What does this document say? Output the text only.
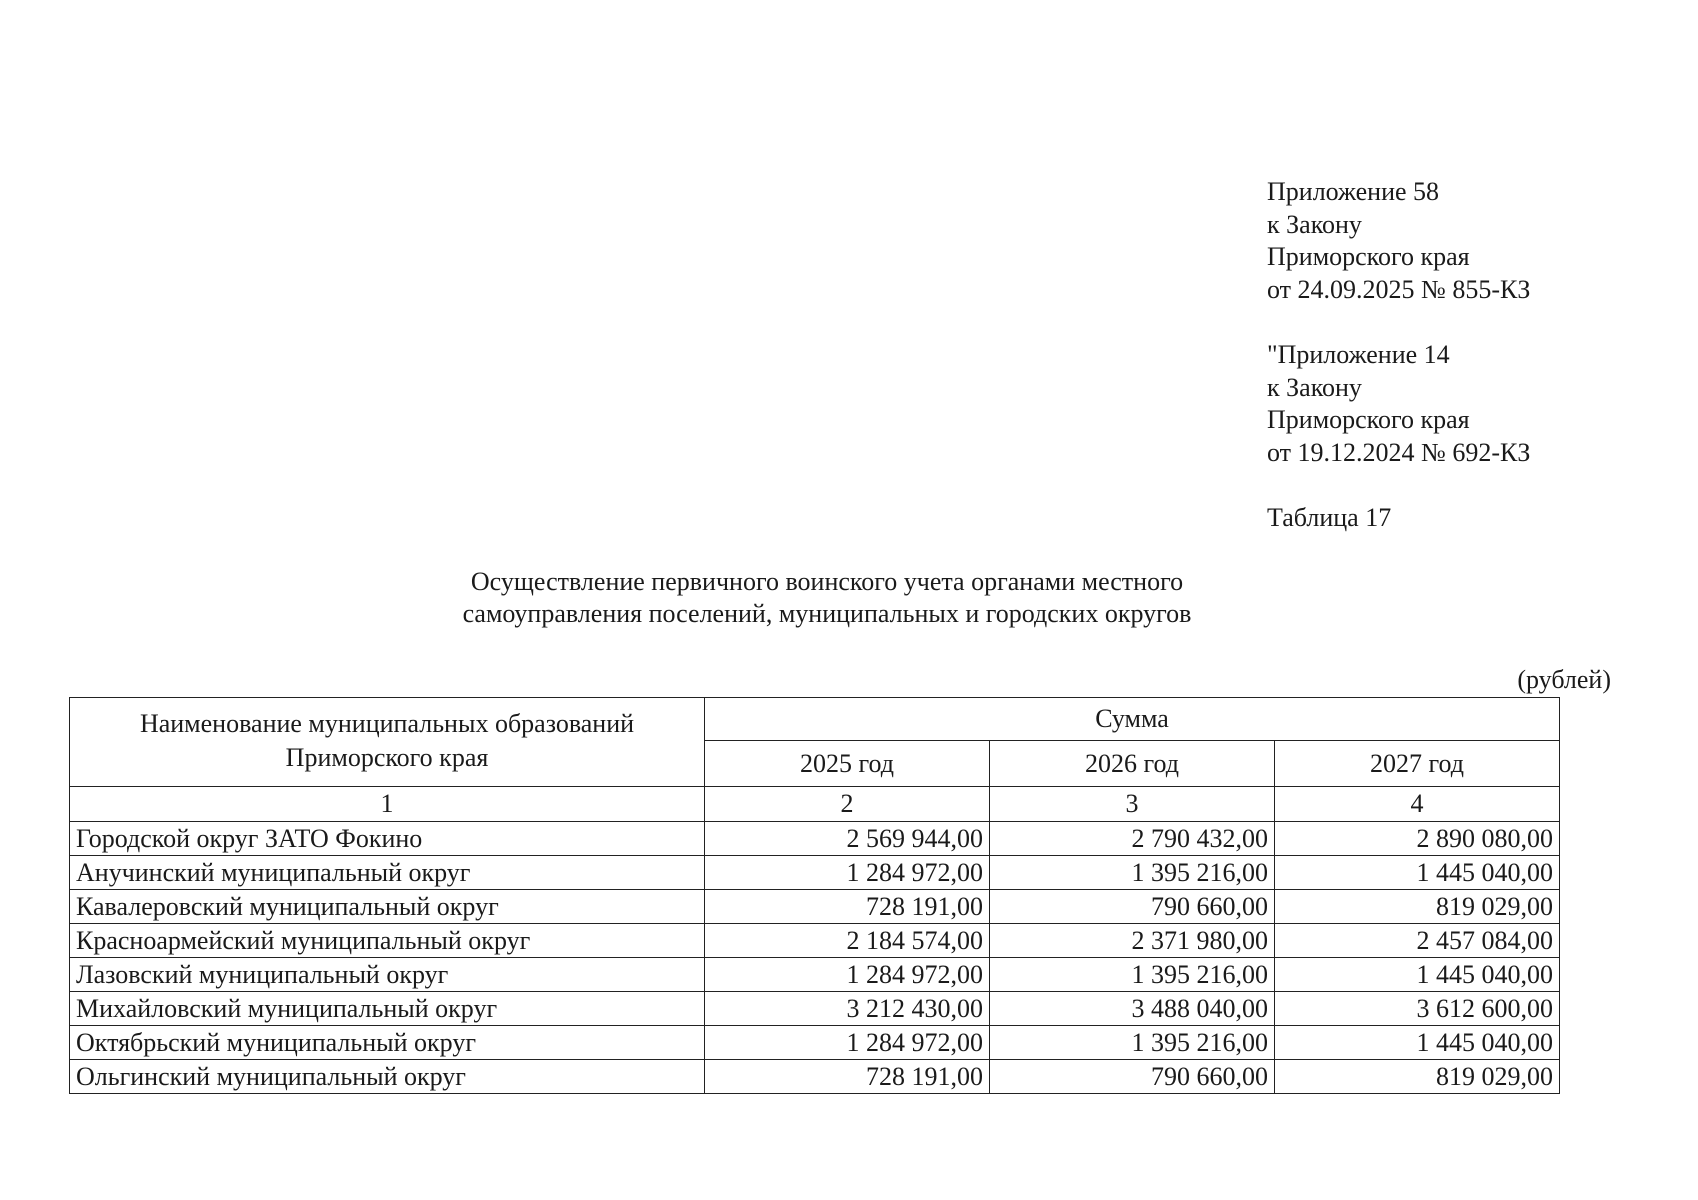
Приложение 58
к Закону
Приморского края
от 24.09.2025 № 855-КЗ
"Приложение 14
к Закону
Приморского края
от 19.12.2024 № 692-КЗ
Таблица 17
Осуществление первичного воинского учета органами местного
самоуправления поселений, муниципальных и городских округов
(рублей)
Наименование муниципальных образований
Приморского края	Сумма		
	2025 год	2026 год	2027 год
1	2	3	4
Городской округ ЗАТО Фокино	2 569 944,00	2 790 432,00	2 890 080,00
Анучинский муниципальный округ	1 284 972,00	1 395 216,00	1 445 040,00
Кавалеровский муниципальный округ	728 191,00	790 660,00	819 029,00
Красноармейский муниципальный округ	2 184 574,00	2 371 980,00	2 457 084,00
Лазовский муниципальный округ	1 284 972,00	1 395 216,00	1 445 040,00
Михайловский муниципальный округ	3 212 430,00	3 488 040,00	3 612 600,00
Октябрьский муниципальный округ	1 284 972,00	1 395 216,00	1 445 040,00
Ольгинский муниципальный округ	728 191,00	790 660,00	819 029,00
